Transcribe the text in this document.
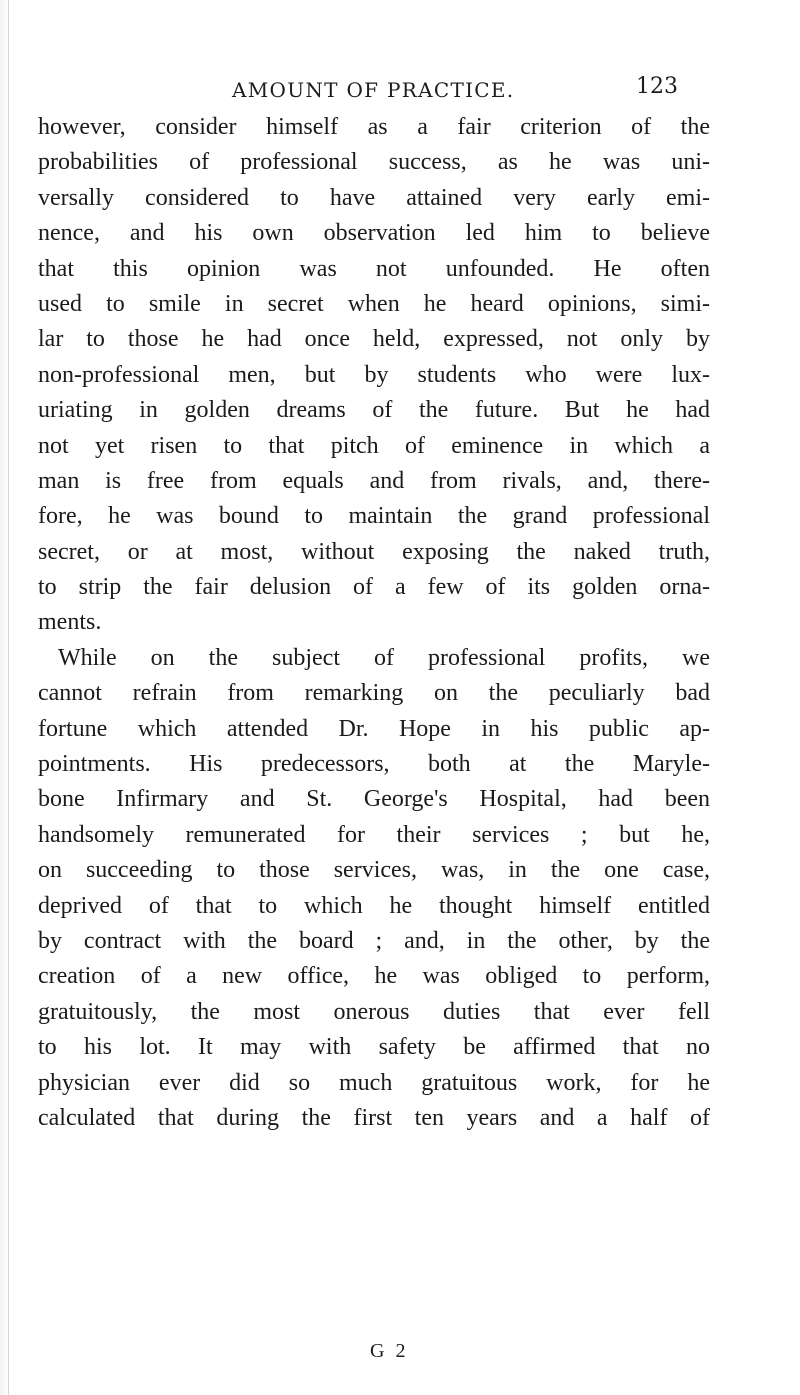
AMOUNT OF PRACTICE.	123
however, consider himself as a fair criterion of the
probabilities of professional success, as he was uni-
versally considered to have attained very early emi-
nence, and his own observation led him to believe
that this opinion was not unfounded. He often
used to smile in secret when he heard opinions, simi-
lar to those he had once held, expressed, not only by
non-professional men, but by students who were lux-
uriating in golden dreams of the future. But he had
not yet risen to that pitch of eminence in which a
man is free from equals and from rivals, and, there-
fore, he was bound to maintain the grand professional
secret, or at most, without exposing the naked truth,
to strip the fair delusion of a few of its golden orna-
ments.
While on the subject of professional profits, we
cannot refrain from remarking on the peculiarly bad
fortune which attended Dr. Hope in his public ap-
pointments. His predecessors, both at the Maryle-
bone Infirmary and St. George's Hospital, had been
handsomely remunerated for their services ; but he,
on succeeding to those services, was, in the one case,
deprived of that to which he thought himself entitled
by contract with the board ; and, in the other, by the
creation of a new office, he was obliged to perform,
gratuitously, the most onerous duties that ever fell
to his lot. It may with safety be affirmed that no
physician ever did so much gratuitous work, for he
calculated that during the first ten years and a half of
G 2
